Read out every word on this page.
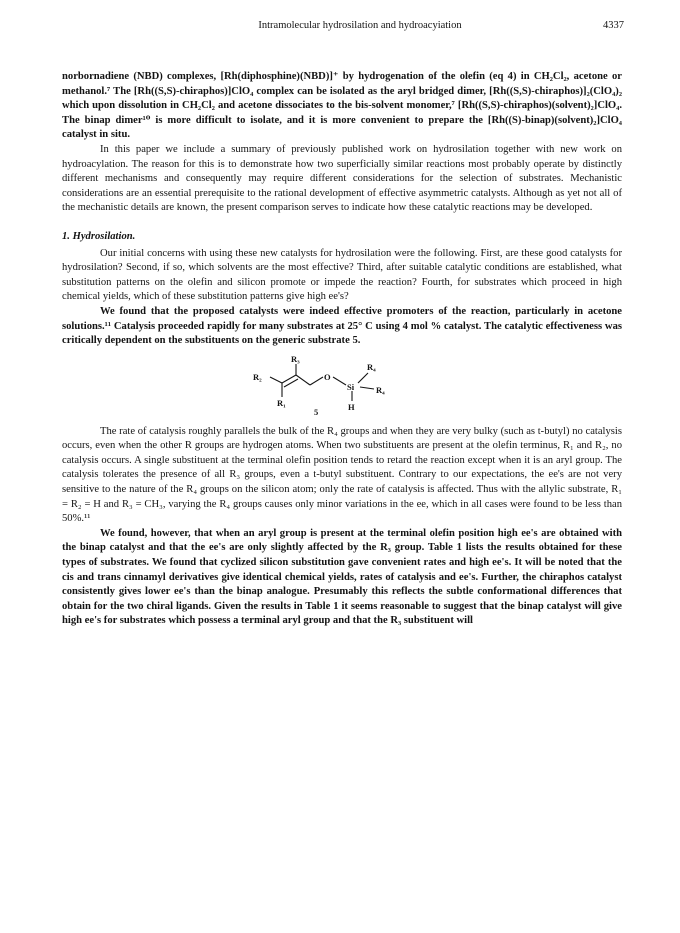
Intramolecular hydrosilation and hydroacyiation	4337

norbornadiene (NBD) complexes, [Rh(diphosphine)(NBD)]⁺ by hydrogenation of the olefin (eq 4) in CH₂Cl₂, acetone or methanol.⁷ The [Rh((S,S)-chiraphos)]ClO₄ complex can be isolated as the aryl bridged dimer, [Rh((S,S)-chiraphos)]₂(ClO₄)₂ which upon dissolution in CH₂Cl₂ and acetone dissociates to the bis-solvent monomer,⁷ [Rh((S,S)-chiraphos)(solvent)₂]ClO₄. The binap dimer¹⁰ is more difficult to isolate, and it is more convenient to prepare the [Rh((S)-binap)(solvent)₂]ClO₄ catalyst in situ.

In this paper we include a summary of previously published work on hydrosilation together with new work on hydroacylation. The reason for this is to demonstrate how two superficially similar reactions most probably operate by distinctly different mechanisms and consequently may require different considerations for the selection of substrates. Mechanistic considerations are an essential prerequisite to the rational development of effective asymmetric catalysts. Although as yet not all of the mechanistic details are known, the present comparison serves to indicate how these catalytic reactions may be developed.

1. Hydrosilation.

Our initial concerns with using these new catalysts for hydrosilation were the following. First, are these good catalysts for hydrosilation? Second, if so, which solvents are the most effective? Third, after suitable catalytic conditions are established, what substitution patterns on the olefin and silicon promote or impede the reaction? Fourth, for substrates which proceed in high chemical yields, which of these substitution patterns give high ee's?

We found that the proposed catalysts were indeed effective promoters of the reaction, particularly in acetone solutions.¹¹ Catalysis proceeded rapidly for many substrates at 25° C using 4 mol % catalyst. The catalytic effectiveness was critically dependent on the substituents on the generic substrate 5.

R₂
R₁
R₃
O
Si
R₄
R₄
H
5

The rate of catalysis roughly parallels the bulk of the R₄ groups and when they are very bulky (such as t-butyl) no catalysis occurs, even when the other R groups are hydrogen atoms. When two substituents are present at the olefin terminus, R₁ and R₂, no catalysis occurs. A single substituent at the terminal olefin position tends to retard the reaction except when it is an aryl group. The catalysis tolerates the presence of all R₃ groups, even a t-butyl substituent. Contrary to our expectations, the ee's are not very sensitive to the nature of the R₄ groups on the silicon atom; only the rate of catalysis is affected. Thus with the allylic substrate, R₁ = R₂ = H and R₃ = CH₃, varying the R₄ groups causes only minor variations in the ee, which in all cases were found to be less than 50%.¹¹

We found, however, that when an aryl group is present at the terminal olefin position high ee's are obtained with the binap catalyst and that the ee's are only slightly affected by the R₃ group. Table 1 lists the results obtained for these types of substrates. We found that cyclized silicon substitution gave convenient rates and high ee's. It will be noted that the cis and trans cinnamyl derivatives give identical chemical yields, rates of catalysis and ee's. Further, the chiraphos catalyst consistently gives lower ee's than the binap analogue. Presumably this reflects the subtle conformational differences that obtain for the two chiral ligands. Given the results in Table 1 it seems reasonable to suggest that the binap catalyst will give high ee's for substrates which possess a terminal aryl group and that the R₃ substituent will
